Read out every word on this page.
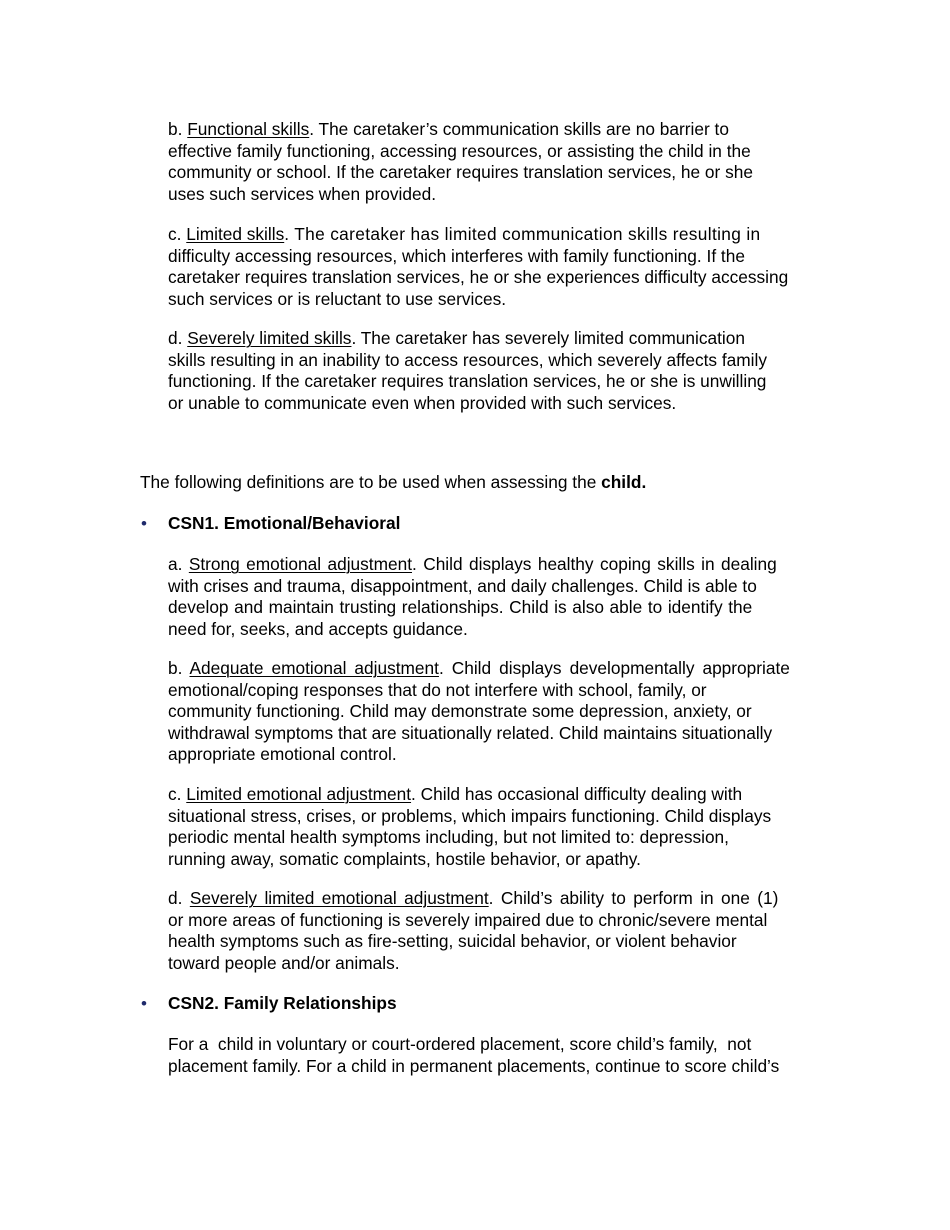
b. Functional skills. The caretaker’s communication skills are no barrier to
effective family functioning, accessing resources, or assisting the child in the
community or school. If the caretaker requires translation services, he or she
uses such services when provided.
c. Limited skills. The caretaker has limited communication skills resulting in
difficulty accessing resources, which interferes with family functioning. If the
caretaker requires translation services, he or she experiences difficulty accessing
such services or is reluctant to use services.
d. Severely limited skills. The caretaker has severely limited communication
skills resulting in an inability to access resources, which severely affects family
functioning. If the caretaker requires translation services, he or she is unwilling
or unable to communicate even when provided with such services.

The following definitions are to be used when assessing the child.

• CSN1. Emotional/Behavioral
a. Strong emotional adjustment. Child displays healthy coping skills in dealing
with crises and trauma, disappointment, and daily challenges. Child is able to
develop and maintain trusting relationships. Child is also able to identify the
need for, seeks, and accepts guidance.
b. Adequate emotional adjustment. Child displays developmentally appropriate
emotional/coping responses that do not interfere with school, family, or
community functioning. Child may demonstrate some depression, anxiety, or
withdrawal symptoms that are situationally related. Child maintains situationally
appropriate emotional control.
c. Limited emotional adjustment. Child has occasional difficulty dealing with
situational stress, crises, or problems, which impairs functioning. Child displays
periodic mental health symptoms including, but not limited to: depression,
running away, somatic complaints, hostile behavior, or apathy.
d. Severely limited emotional adjustment. Child’s ability to perform in one (1)
or more areas of functioning is severely impaired due to chronic/severe mental
health symptoms such as fire-setting, suicidal behavior, or violent behavior
toward people and/or animals.
• CSN2. Family Relationships
For a  child in voluntary or court-ordered placement, score child’s family,  not
placement family. For a child in permanent placements, continue to score child’s
